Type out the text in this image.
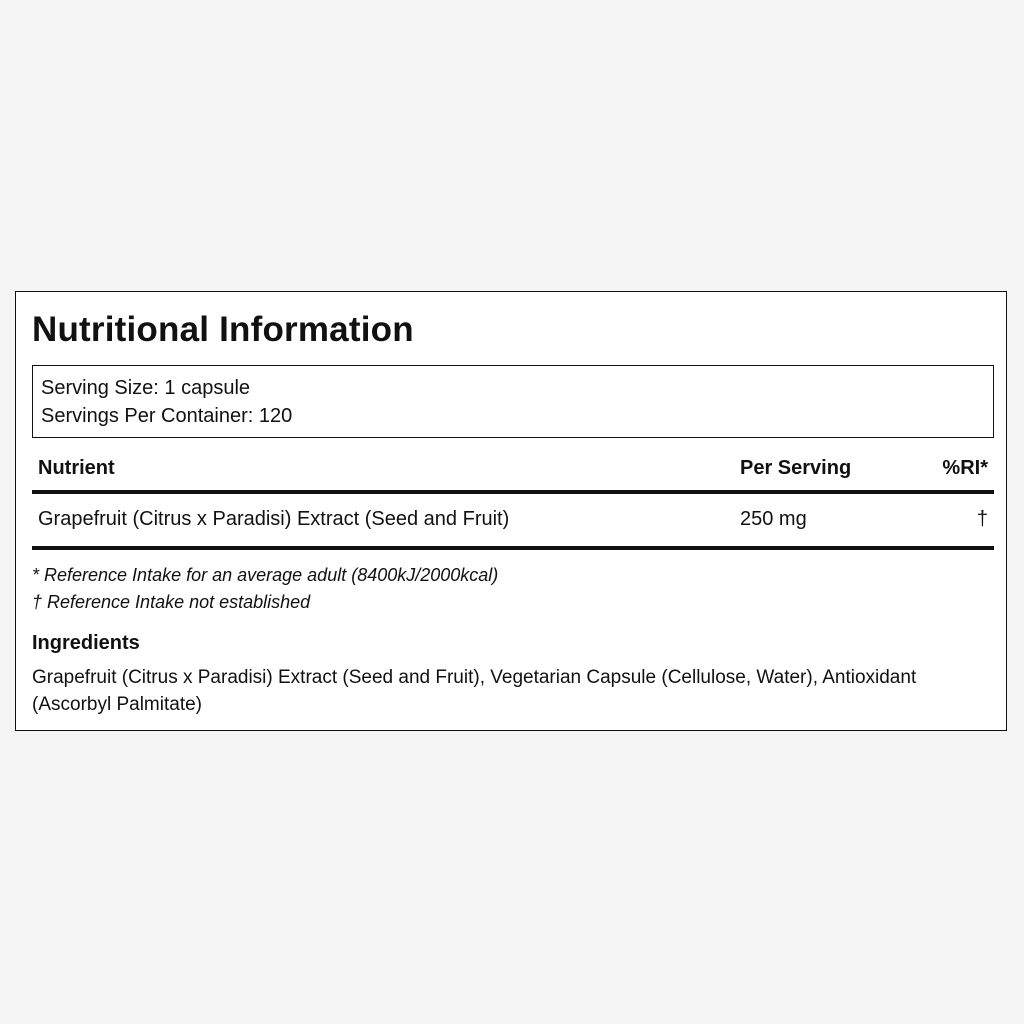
Nutritional Information
Serving Size: 1 capsule
Servings Per Container: 120
Nutrient	Per Serving	%RI*
Grapefruit (Citrus x Paradisi) Extract (Seed and Fruit)	250 mg	†
* Reference Intake for an average adult (8400kJ/2000kcal)
† Reference Intake not established
Ingredients
Grapefruit (Citrus x Paradisi) Extract (Seed and Fruit), Vegetarian Capsule (Cellulose, Water), Antioxidant (Ascorbyl Palmitate)
